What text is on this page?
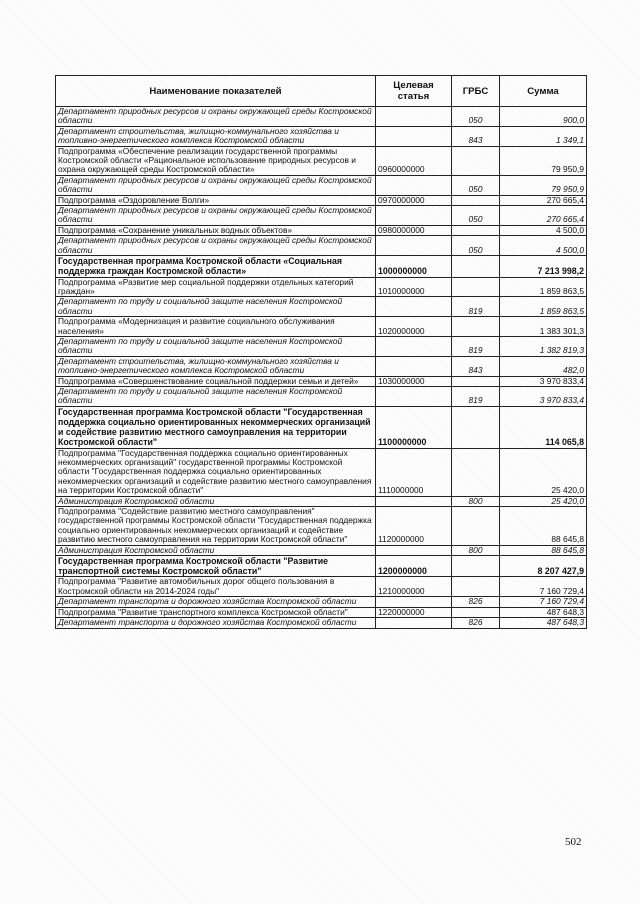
Наименование показателей	Целевая статья	ГРБС	Сумма
Департамент природных ресурсов и охраны окружающей среды Костромской области		050	900,0
Департамент строительства, жилищно-коммунального хозяйства и топливно-энергетического комплекса Костромской области		843	1 349,1
Подпрограмма «Обеспечение реализации государственной программы Костромской области «Рациональное использование природных ресурсов и охрана окружающей среды Костромской области»	0960000000		79 950,9
Департамент природных ресурсов и охраны окружающей среды Костромской области		050	79 950,9
Подпрограмма «Оздоровление Волги»	0970000000		270 665,4
Департамент природных ресурсов и охраны окружающей среды Костромской области		050	270 665,4
Подпрограмма «Сохранение уникальных водных объектов»	0980000000		4 500,0
Департамент природных ресурсов и охраны окружающей среды Костромской области		050	4 500,0
Государственная программа Костромской области «Социальная поддержка граждан Костромской области»	1000000000		7 213 998,2
Подпрограмма «Развитие мер социальной поддержки отдельных категорий граждан»	1010000000		1 859 863,5
Департамент по труду и социальной защите населения Костромской области		819	1 859 863,5
Подпрограмма «Модернизация и развитие социального обслуживания населения»	1020000000		1 383 301,3
Департамент по труду и социальной защите населения Костромской области		819	1 382 819,3
Департамент строительства, жилищно-коммунального хозяйства и топливно-энергетического комплекса Костромской области		843	482,0
Подпрограмма «Совершенствование социальной поддержки семьи и детей»	1030000000		3 970 833,4
Департамент по труду и социальной защите населения Костромской области		819	3 970 833,4
Государственная программа Костромской области "Государственная поддержка социально ориентированных некоммерческих организаций и содействие развитию местного самоуправления на территории Костромской области"	1100000000		114 065,8
Подпрограмма "Государственная поддержка социально ориентированных некоммерческих организаций" государственной программы Костромской области "Государственная поддержка социально ориентированных некоммерческих организаций и содействие развитию местного самоуправления на территории Костромской области"	1110000000		25 420,0
Администрация Костромской области		800	25 420,0
Подпрограмма "Содействие развитию местного самоуправления" государственной программы Костромской области "Государственная поддержка социально ориентированных некоммерческих организаций и содействие развитию местного самоуправления на территории Костромской области"	1120000000		88 645,8
Администрация Костромской области		800	88 645,8
Государственная программа Костромской области "Развитие транспортной системы Костромской области"	1200000000		8 207 427,9
Подпрограмма "Развитие автомобильных дорог общего пользования в Костромской области на 2014-2024 годы"	1210000000		7 160 729,4
Департамент транспорта и дорожного хозяйства Костромской области		826	7 160 729,4
Подпрограмма "Развитие транспортного комплекса Костромской области"	1220000000		487 648,3
Департамент транспорта и дорожного хозяйства Костромской области		826	487 648,3
502
